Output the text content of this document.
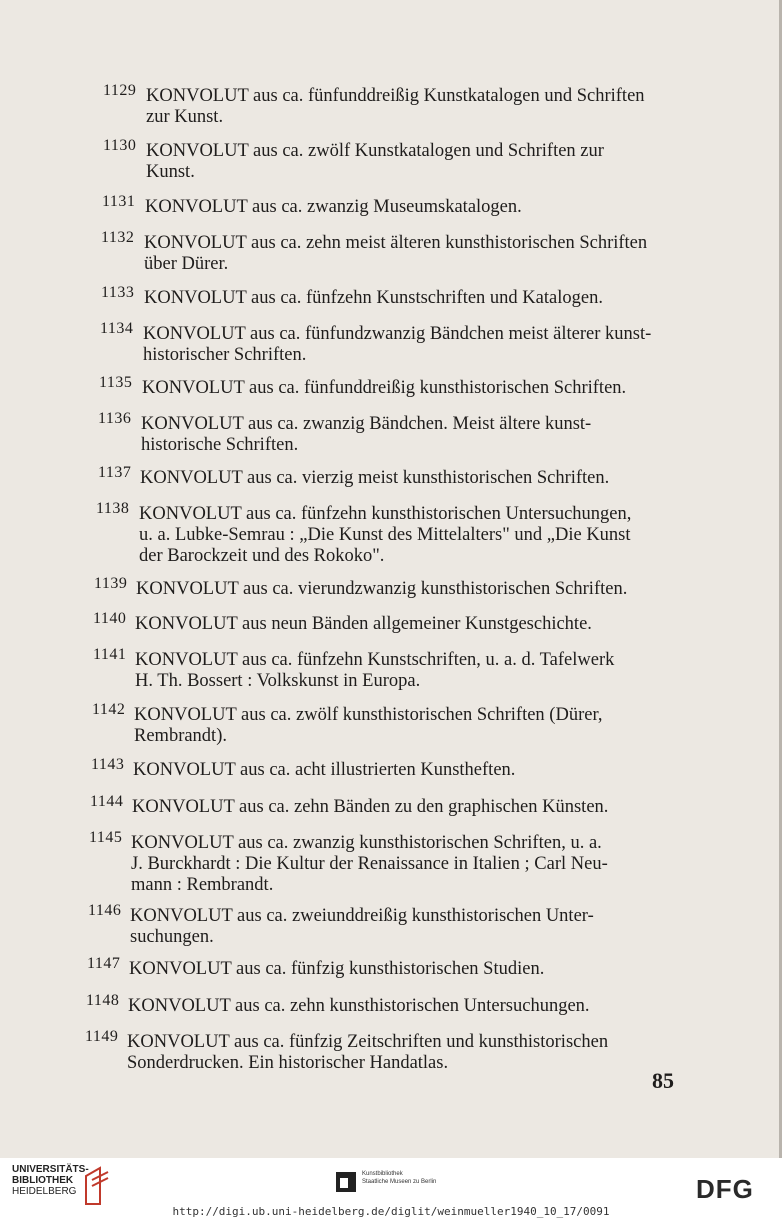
1129 KONVOLUT aus ca. fünfunddreißig Kunstkatalogen und Schriften
zur Kunst.
1130 KONVOLUT aus ca. zwölf Kunstkatalogen und Schriften zur
Kunst.
1131 KONVOLUT aus ca. zwanzig Museumskatalogen.
1132 KONVOLUT aus ca. zehn meist älteren kunsthistorischen Schriften
über Dürer.
1133 KONVOLUT aus ca. fünfzehn Kunstschriften und Katalogen.
1134 KONVOLUT aus ca. fünfundzwanzig Bändchen meist älterer kunst-
historischer Schriften.
1135 KONVOLUT aus ca. fünfunddreißig kunsthistorischen Schriften.
1136 KONVOLUT aus ca. zwanzig Bändchen. Meist ältere kunst-
historische Schriften.
1137 KONVOLUT aus ca. vierzig meist kunsthistorischen Schriften.
1138 KONVOLUT aus ca. fünfzehn kunsthistorischen Untersuchungen,
u. a. Lubke-Semrau : „Die Kunst des Mittelalters" und „Die Kunst
der Barockzeit und des Rokoko".
1139 KONVOLUT aus ca. vierundzwanzig kunsthistorischen Schriften.
1140 KONVOLUT aus neun Bänden allgemeiner Kunstgeschichte.
1141 KONVOLUT aus ca. fünfzehn Kunstschriften, u. a. d. Tafelwerk
H. Th. Bossert : Volkskunst in Europa.
1142 KONVOLUT aus ca. zwölf kunsthistorischen Schriften (Dürer,
Rembrandt).
1143 KONVOLUT aus ca. acht illustrierten Kunstheften.
1144 KONVOLUT aus ca. zehn Bänden zu den graphischen Künsten.
1145 KONVOLUT aus ca. zwanzig kunsthistorischen Schriften, u. a.
J. Burckhardt : Die Kultur der Renaissance in Italien ; Carl Neu-
mann : Rembrandt.
1146 KONVOLUT aus ca. zweiunddreißig kunsthistorischen Unter-
suchungen.
1147 KONVOLUT aus ca. fünfzig kunsthistorischen Studien.
1148 KONVOLUT aus ca. zehn kunsthistorischen Untersuchungen.
1149 KONVOLUT aus ca. fünfzig Zeitschriften und kunsthistorischen
Sonderdrucken. Ein historischer Handatlas.
85
UNIVERSITÄTS-
BIBLIOTHEK
HEIDELBERG
Kunstbibliothek
Staatliche Museen zu Berlin	DFG
http://digi.ub.uni-heidelberg.de/diglit/weinmueller1940_10_17/0091
